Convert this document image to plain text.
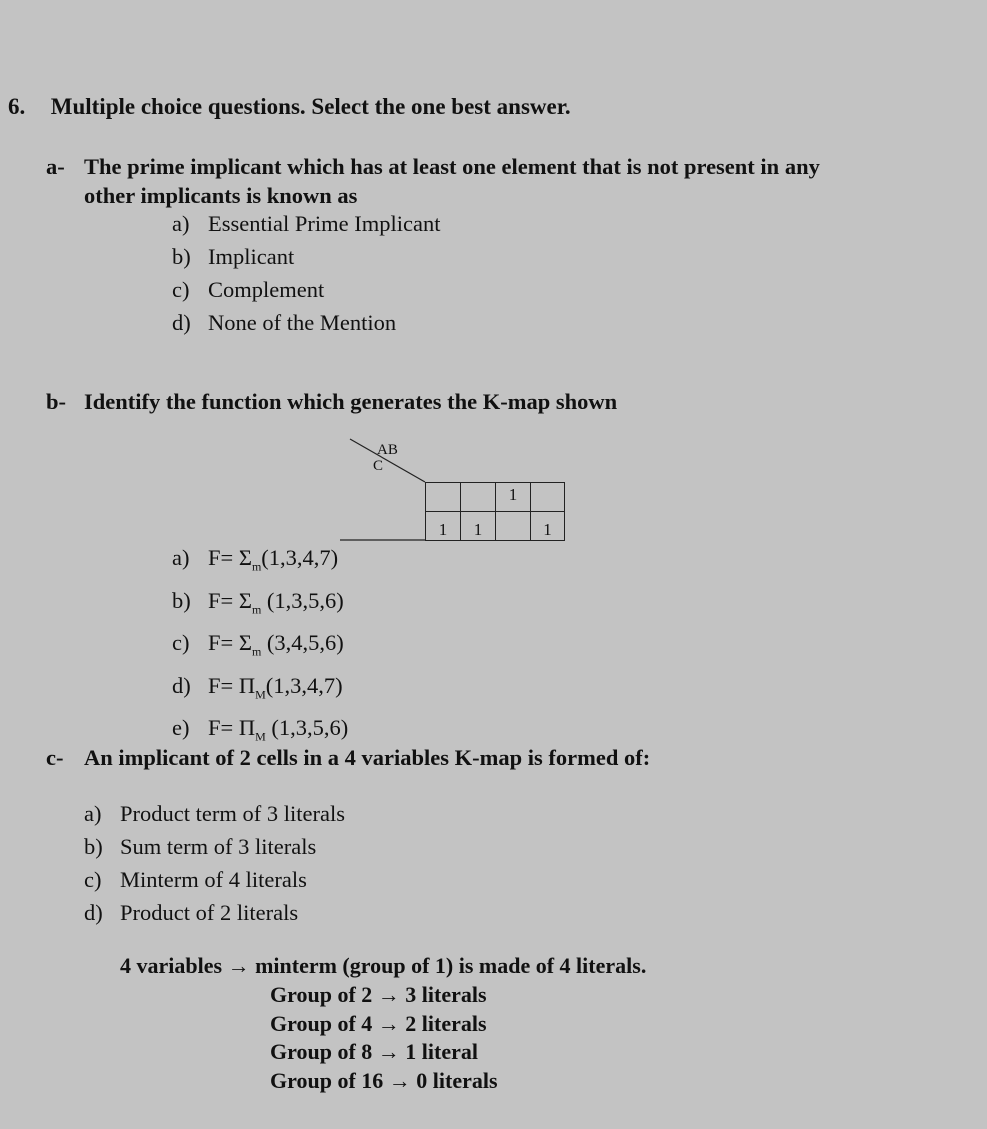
6. Multiple choice questions. Select the one best answer.
a- The prime implicant which has at least one element that is not present in any
other implicants is known as
a) Essential Prime Implicant
b) Implicant
c) Complement
d) None of the Mention
b- Identify the function which generates the K-map shown
AB
C
1
1	1	1
a) $F= \Sigma_m(1,3,4,7)$
b) $F= \Sigma_m$ (1,3,5,6)
c) $F= \Sigma_m$ (3,4,5,6)
d) $F= \Pi_M(1,3,4,7)$
e) $F= \Pi_M$ (1,3,5,6)
c- An implicant of 2 cells in a 4 variables K-map is formed of:
a) Product term of 3 literals
b) Sum term of 3 literals
c) Minterm of 4 literals
d) Product of 2 literals
4 variables → minterm (group of 1) is made of 4 literals.
Group of 2 → 3 literals
Group of 4 → 2 literals
Group of 8 → 1 literal
Group of 16 → 0 literals
